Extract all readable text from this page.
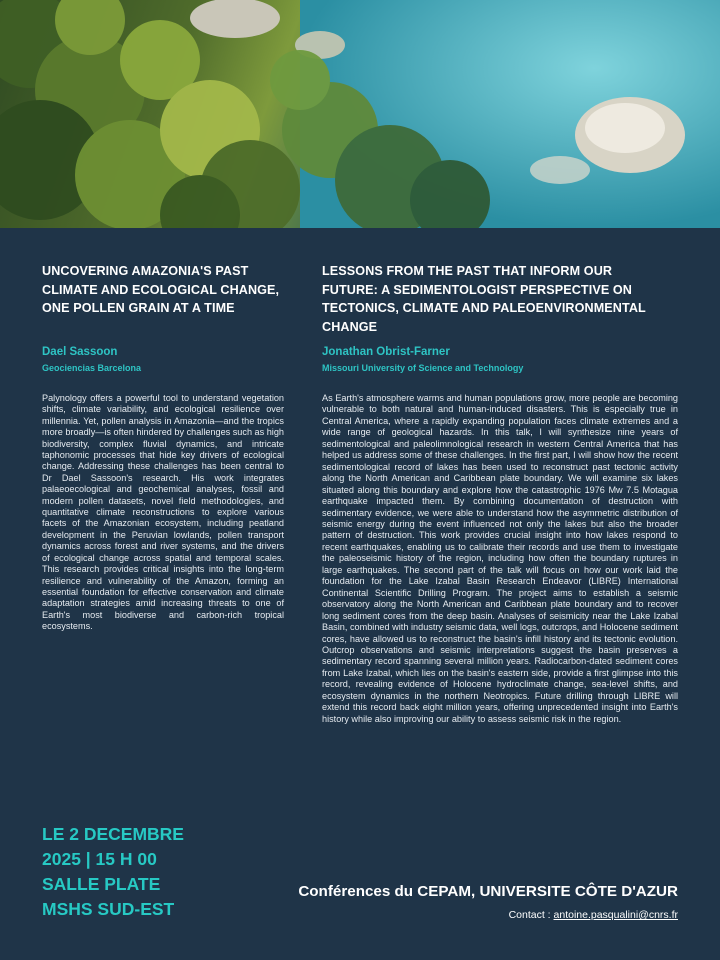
UNCOVERING AMAZONIA'S PAST CLIMATE AND ECOLOGICAL CHANGE, ONE POLLEN GRAIN AT A TIME

Dael Sassoon

Geociencias Barcelona

Palynology offers a powerful tool to understand vegetation shifts, climate variability, and ecological resilience over millennia. Yet, pollen analysis in Amazonia—and the tropics more broadly—is often hindered by challenges such as high biodiversity, complex fluvial dynamics, and intricate taphonomic processes that hide key drivers of ecological change. Addressing these challenges has been central to Dr Dael Sassoon's research. His work integrates palaeoecological and geochemical analyses, fossil and modern pollen datasets, novel field methodologies, and quantitative climate reconstructions to explore various facets of the Amazonian ecosystem, including peatland development in the Peruvian lowlands, pollen transport dynamics across forest and river systems, and the drivers of ecological change across spatial and temporal scales. This research provides critical insights into the long-term resilience and vulnerability of the Amazon, forming an essential foundation for effective conservation and climate adaptation strategies amid increasing threats to one of Earth's most biodiverse and carbon-rich tropical ecosystems.

LESSONS FROM THE PAST THAT INFORM OUR FUTURE: A SEDIMENTOLOGIST PERSPECTIVE ON TECTONICS, CLIMATE AND PALEOENVIRONMENTAL CHANGE

Jonathan Obrist-Farner

Missouri University of Science and Technology

As Earth's atmosphere warms and human populations grow, more people are becoming vulnerable to both natural and human-induced disasters. This is especially true in Central America, where a rapidly expanding population faces climate extremes and a wide range of geological hazards. In this talk, I will synthesize nine years of sedimentological and paleolimnological research in western Central America that has helped us address some of these challenges. In the first part, I will show how the recent sedimentological record of lakes has been used to reconstruct past tectonic activity along the North American and Caribbean plate boundary. We will examine six lakes situated along this boundary and explore how the catastrophic 1976 Mw 7.5 Motagua earthquake impacted them. By combining documentation of destruction with sedimentary evidence, we were able to understand how the asymmetric distribution of seismic energy during the event influenced not only the lakes but also the broader pattern of destruction. This work provides crucial insight into how lakes respond to recent earthquakes, enabling us to calibrate their records and use them to investigate the paleoseismic history of the region, including how often the boundary ruptures in large earthquakes. The second part of the talk will focus on how our work laid the foundation for the Lake Izabal Basin Research Endeavor (LIBRE) International Continental Scientific Drilling Program. The project aims to establish a seismic observatory along the North American and Caribbean plate boundary and to recover long sediment cores from the deep basin. Analyses of seismicity near the Lake Izabal Basin, combined with industry seismic data, well logs, outcrops, and Holocene sediment cores, have allowed us to reconstruct the basin's infill history and its tectonic evolution. Outcrop observations and seismic interpretations suggest the basin preserves a sedimentary record spanning several million years. Radiocarbon-dated sediment cores from Lake Izabal, which lies on the basin's eastern side, provide a first glimpse into this record, revealing evidence of Holocene hydroclimate change, sea-level shifts, and ecosystem dynamics in the northern Neotropics. Future drilling through LIBRE will extend this record back eight million years, offering unprecedented insight into Earth's history while also improving our ability to assess seismic risk in the region.

LE 2 DECEMBRE
2025 | 15 H 00
SALLE PLATE
MSHS SUD-EST

Conférences du CEPAM, UNIVERSITE CÔTE D'AZUR

Contact : antoine.pasqualini@cnrs.fr
